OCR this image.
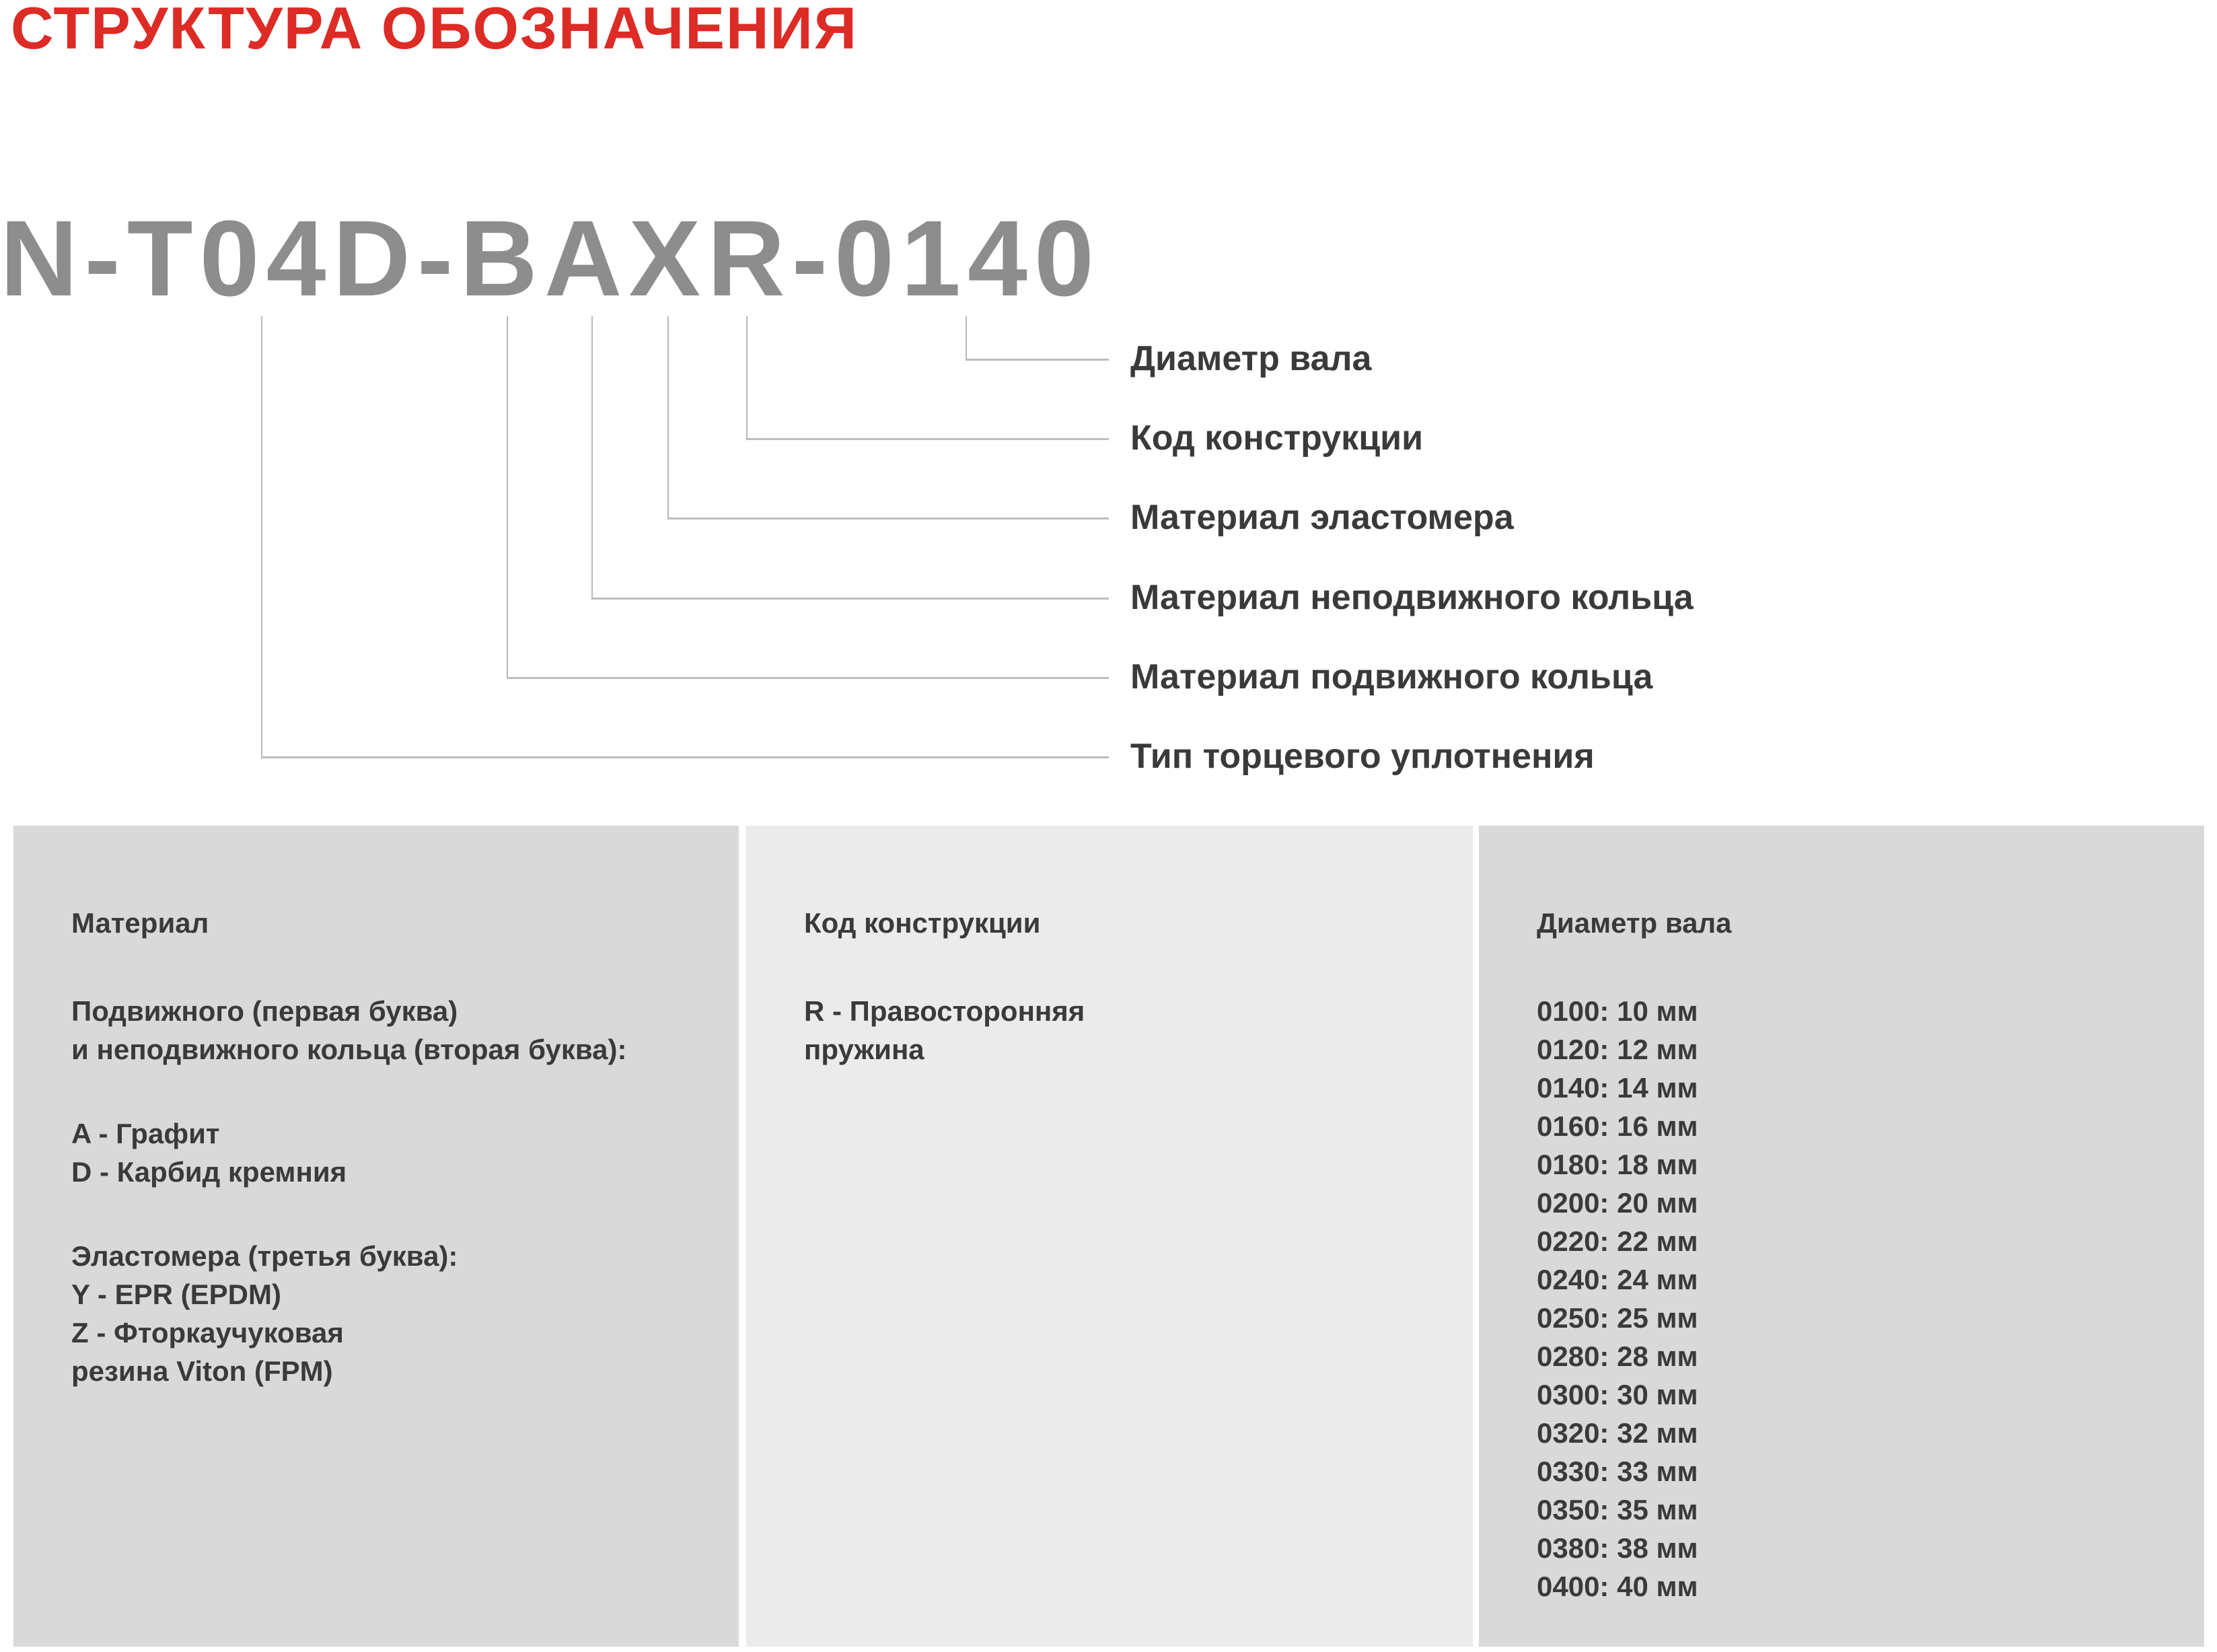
СТРУКТУРА ОБОЗНАЧЕНИЯ
N-T04D-BAXR-0140
Диаметр вала
Код конструкции
Материал эластомера
Материал неподвижного кольца
Материал подвижного кольца
Тип торцевого уплотнения
Материал

Подвижного (первая буква)

и неподвижного кольца (вторая буква):

A - Графит

D - Карбид кремния

Эластомера (третья буква):

Y - EPR (EPDM)

Z - Фторкаучуковая

резина Viton (FPM)

Код конструкции

R - Правосторонняя

пружина

Диаметр вала

0100: 10 мм

0120: 12 мм

0140: 14 мм

0160: 16 мм

0180: 18 мм

0200: 20 мм

0220: 22 мм

0240: 24 мм

0250: 25 мм

0280: 28 мм

0300: 30 мм

0320: 32 мм

0330: 33 мм

0350: 35 мм

0380: 38 мм

0400: 40 мм
